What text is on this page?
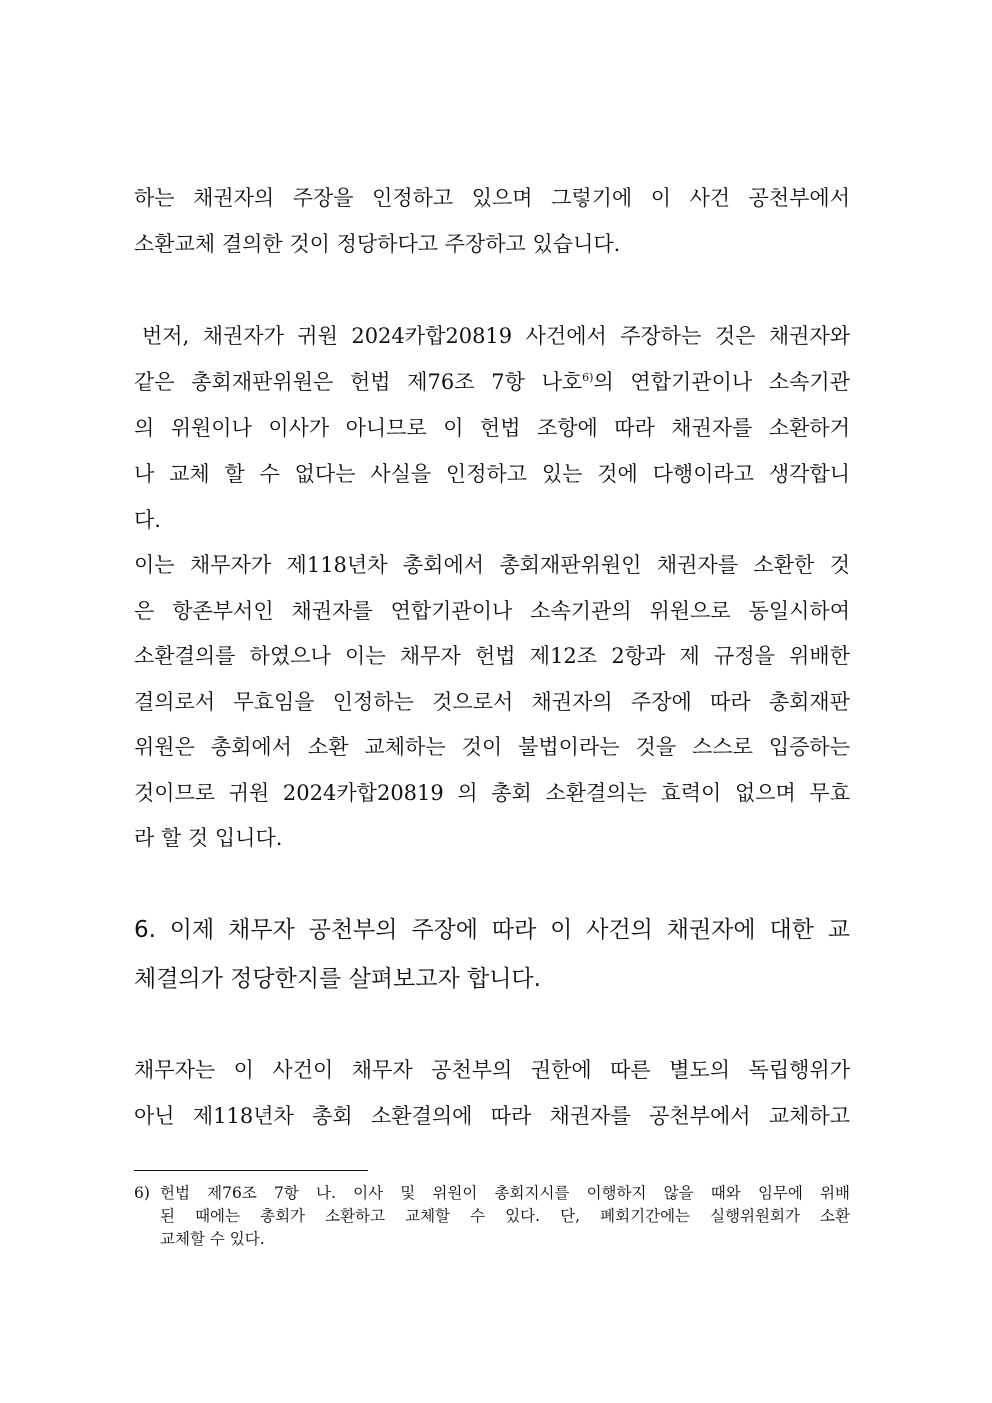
하는 채권자의 주장을 인정하고 있으며 그렇기에 이 사건 공천부에서
소환교체 결의한 것이 정당하다고 주장하고 있습니다.
번저, 채권자가 귀원 2024카합20819 사건에서 주장하는 것은 채권자와
같은 총회재판위원은 헌법 제76조 7항 나호$^{6)}$의 연합기관이나 소속기관
의 위원이나 이사가 아니므로 이 헌법 조항에 따라 채권자를 소환하거
나 교체 할 수 없다는 사실을 인정하고 있는 것에 다행이라고 생각합니
다.
이는 채무자가 제118년차 총회에서 총회재판위원인 채권자를 소환한 것
은 항존부서인 채권자를 연합기관이나 소속기관의 위원으로 동일시하여
소환결의를 하였으나 이는 채무자 헌법 제12조 2항과 제 규정을 위배한
결의로서 무효임을 인정하는 것으로서 채권자의 주장에 따라 총회재판
위원은 총회에서 소환 교체하는 것이 불법이라는 것을 스스로 입증하는
것이므로 귀원 2024카합20819 의 총회 소환결의는 효력이 없으며 무효
라 할 것 입니다.
6. 이제 채무자 공천부의 주장에 따라 이 사건의 채권자에 대한 교
체결의가 정당한지를 살펴보고자 합니다.
채무자는 이 사건이 채무자 공천부의 권한에 따른 별도의 독립행위가
아닌 제118년차 총회 소환결의에 따라 채권자를 공천부에서 교체하고
6) 헌법 제76조 7항 나. 이사 및 위원이 총회지시를 이행하지 않을 때와 임무에 위배
된 때에는 총회가 소환하고 교체할 수 있다. 단, 폐회기간에는 실행위원회가 소환
교체할 수 있다.
